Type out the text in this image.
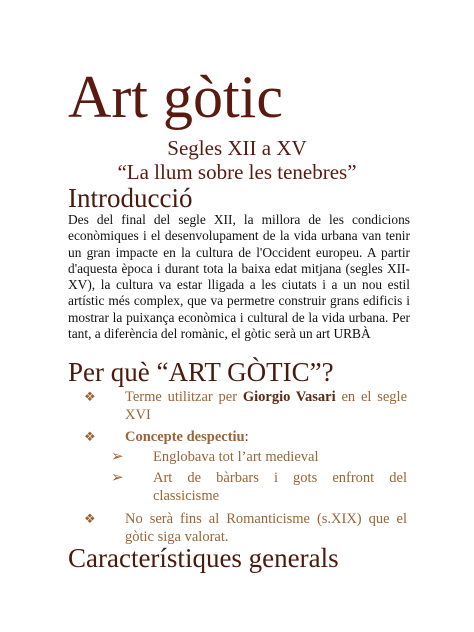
Art gòtic
Segles XII a XV
“La llum sobre les tenebres”
Introducció
Des del final del segle XII, la millora de les condicions econòmiques i el desenvolupament de la vida urbana van tenir un gran impacte en la cultura de l'Occident europeu. A partir d'aquesta època i durant tota la baixa edat mitjana (segles XII-XV), la cultura va estar lligada a les ciutats i a un nou estil artístic més complex, que va permetre construir grans edificis i mostrar la puixança econòmica i cultural de la vida urbana. Per tant, a diferència del romànic, el gòtic serà un art URBÀ
Per què “ART GÒTIC”?
❖ Terme utilitzar per Giorgio Vasari en el segle XVI
❖ Concepte despectiu:
➢ Englobava tot l’art medieval
➢ Art de bàrbars i gots enfront del classicisme
❖ No serà fins al Romanticisme (s.XIX) que el gòtic siga valorat.
Característiques generals
